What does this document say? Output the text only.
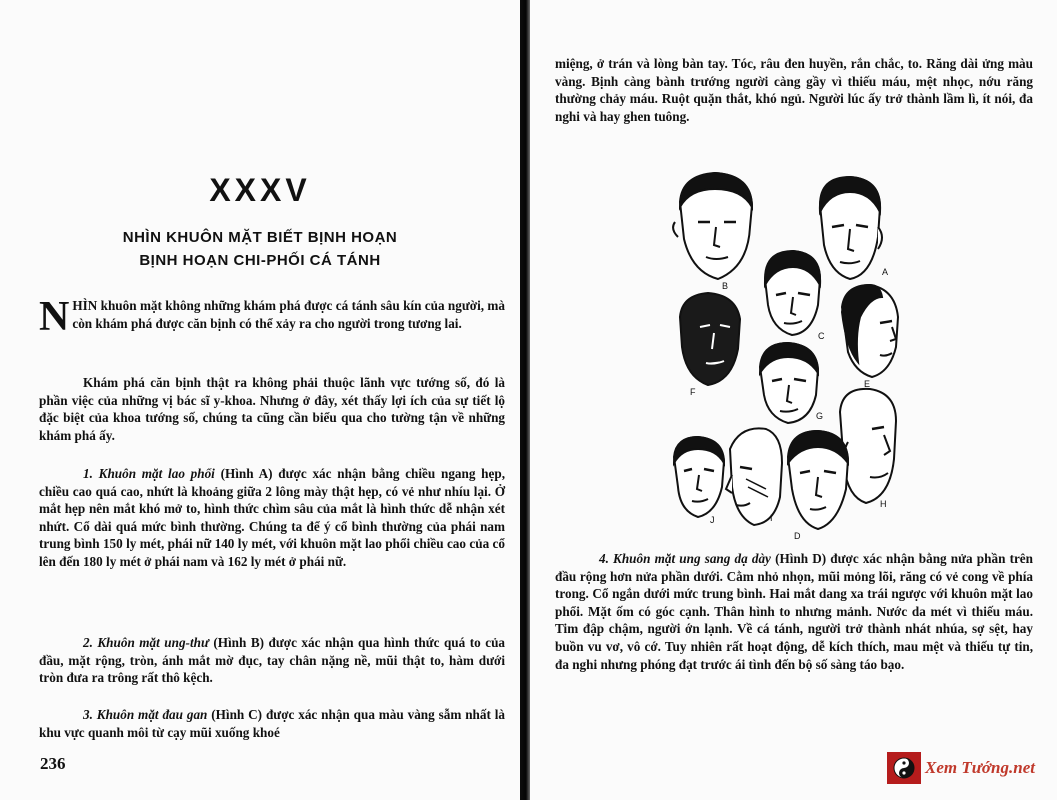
XXXV
NHÌN KHUÔN MẶT BIẾT BỊNH HOẠN
BỊNH HOẠN CHI-PHỐI CÁ TÁNH

NHÌN khuôn mặt không những khám phá được cá tánh sâu kín của người, mà còn khám phá được căn bịnh có thể xảy ra cho người trong tương lai.

Khám phá căn bịnh thật ra không phải thuộc lãnh vực tướng số, đó là phần việc của những vị bác sĩ y-khoa. Nhưng ở đây, xét thấy lợi ích của sự tiết lộ đặc biệt của khoa tướng số, chúng ta cũng cần biểu qua cho tường tận về những khám phá ấy.

1. Khuôn mặt lao phổi (Hình A) được xác nhận bằng chiều ngang hẹp, chiều cao quá cao, nhứt là khoảng giữa 2 lông mày thật hẹp, có vẻ như nhíu lại. Ở mắt hẹp nên mắt khó mở to, hình thức chìm sâu của mắt là hình thức dễ nhận xét nhứt. Cổ dài quá mức bình thường. Chúng ta để ý cổ bình thường của phái nam trung bình 150 ly mét, phái nữ 140 ly mét, với khuôn mặt lao phổi chiều cao của cổ lên đến 180 ly mét ở phái nam và 162 ly mét ở phái nữ.

2. Khuôn mặt ung-thư (Hình B) được xác nhận qua hình thức quá to của đầu, mặt rộng, tròn, ánh mắt mờ đục, tay chân nặng nề, mũi thật to, hàm dưới tròn đưa ra trông rất thô kệch.

3. Khuôn mặt đau gan (Hình C) được xác nhận qua màu vàng sẫm nhất là khu vực quanh môi từ cạy mũi xuống khoé

236

miệng, ở trán và lòng bàn tay. Tóc, râu đen huyền, rắn chắc, to. Răng dài ửng màu vàng. Bịnh càng bành trướng người càng gầy vì thiếu máu, mệt nhọc, nớu răng thường chảy máu. Ruột quặn thắt, khó ngủ. Người lúc ấy trở thành lầm lì, ít nói, đa nghi và hay ghen tuông.

A
B
C
D
E
F
G
H
I
J

4. Khuôn mặt ung sang dạ dày (Hình D) được xác nhận bằng nửa phần trên đầu rộng hơn nửa phần dưới. Cằm nhỏ nhọn, mũi mỏng lõi, răng có vẻ cong về phía trong. Cổ ngắn dưới mức trung bình. Hai mắt dang xa trái ngược với khuôn mặt lao phổi. Mặt ốm có góc cạnh. Thân hình to nhưng mảnh. Nước da mét vì thiếu máu. Tim đập chậm, người ớn lạnh. Về cá tánh, người trở thành nhát nhúa, sợ sệt, hay buồn vu vơ, vô cớ. Tuy nhiên rất hoạt động, dễ kích thích, mau mệt và thiếu tự tin, đa nghi nhưng phóng đạt trước ái tình đến bộ số sàng táo bạo.

Xem Tướng.net
